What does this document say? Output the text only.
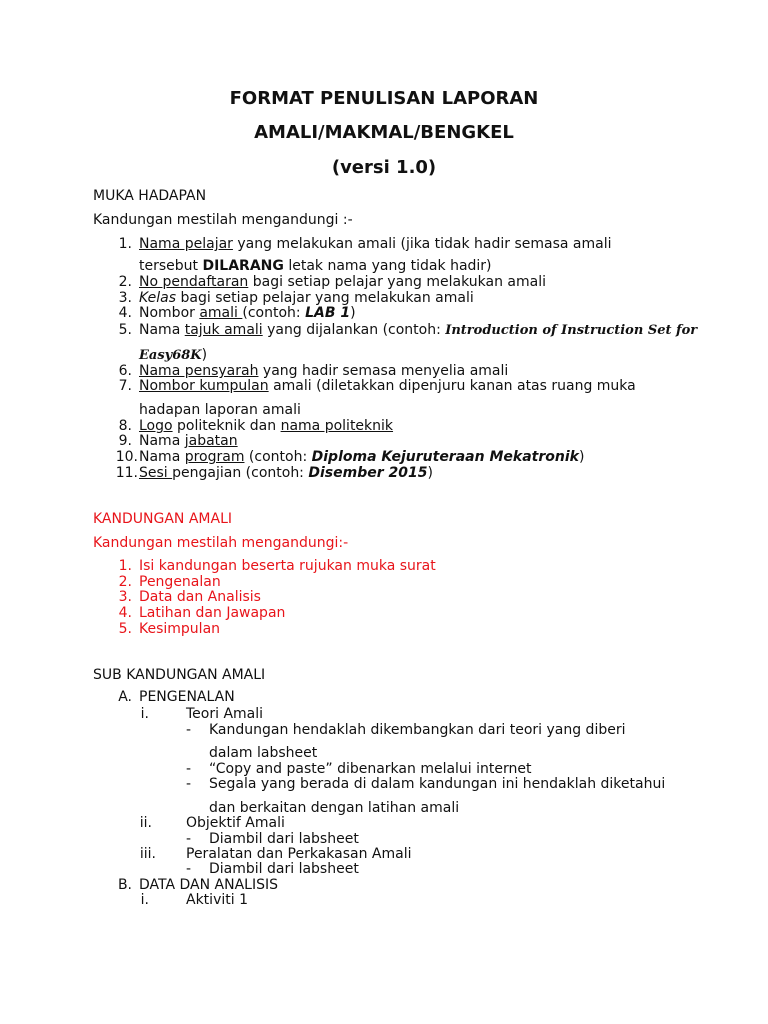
FORMAT PENULISAN LAPORAN
AMALI/MAKMAL/BENGKEL
(versi 1.0)
MUKA HADAPAN
Kandungan mestilah mengandungi :-
1. Nama pelajar yang melakukan amali (jika tidak hadir semasa amali
tersebut DILARANG letak nama yang tidak hadir)
2. No pendaftaran bagi setiap pelajar yang melakukan amali
3. Kelas bagi setiap pelajar yang melakukan amali
4. Nombor amali (contoh: LAB 1)
5. Nama tajuk amali yang dijalankan (contoh: Introduction of Instruction Set for
Easy68K)
6. Nama pensyarah yang hadir semasa menyelia amali
7. Nombor kumpulan amali (diletakkan dipenjuru kanan atas ruang muka
hadapan laporan amali
8. Logo politeknik dan nama politeknik
9. Nama jabatan
10. Nama program (contoh: Diploma Kejuruteraan Mekatronik)
11. Sesi pengajian (contoh: Disember 2015)
KANDUNGAN AMALI
Kandungan mestilah mengandungi:-
1. Isi kandungan beserta rujukan muka surat
2. Pengenalan
3. Data dan Analisis
4. Latihan dan Jawapan
5. Kesimpulan
SUB KANDUNGAN AMALI
A. PENGENALAN
i.	Teori Amali
- Kandungan hendaklah dikembangkan dari teori yang diberi
dalam labsheet
- “Copy and paste” dibenarkan melalui internet
- Segala yang berada di dalam kandungan ini hendaklah diketahui
dan berkaitan dengan latihan amali
ii. Objektif Amali
- Diambil dari labsheet
iii. Peralatan dan Perkakasan Amali
- Diambil dari labsheet
B. DATA DAN ANALISIS
i.	Aktiviti 1
